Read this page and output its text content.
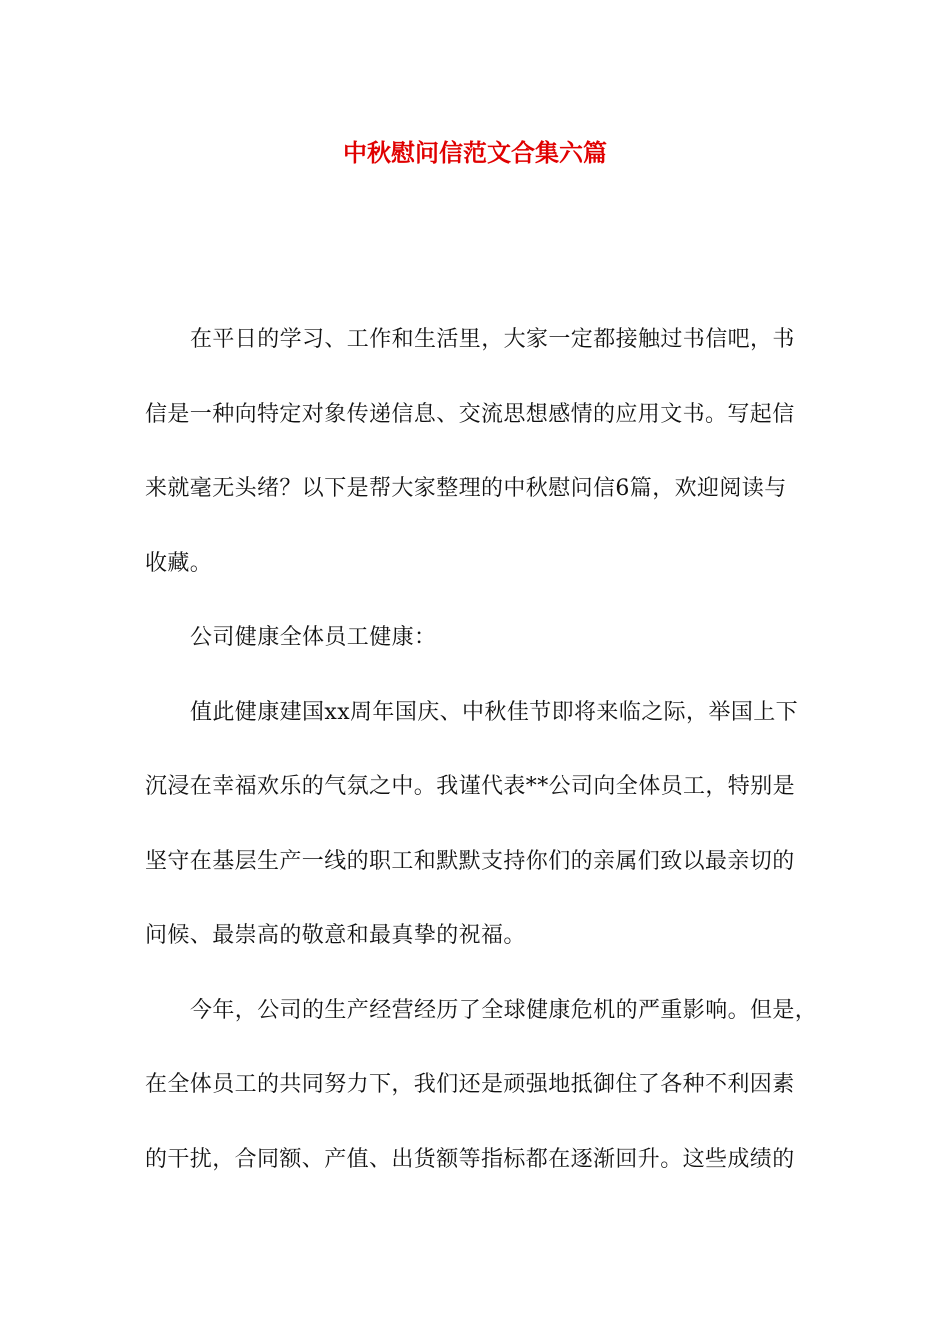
中秋慰问信范文合集六篇
在平日的学习、工作和生活里，大家一定都接触过书信吧，书
信是一种向特定对象传递信息、交流思想感情的应用文书。写起信
来就毫无头绪？以下是帮大家整理的中秋慰问信6篇，欢迎阅读与
收藏。
公司健康全体员工健康：
值此健康建国xx周年国庆、中秋佳节即将来临之际，举国上下
沉浸在幸福欢乐的气氛之中。我谨代表**公司向全体员工，特别是
坚守在基层生产一线的职工和默默支持你们的亲属们致以最亲切的
问候、最崇高的敬意和最真挚的祝福。
今年，公司的生产经营经历了全球健康危机的严重影响。但是，
在全体员工的共同努力下，我们还是顽强地抵御住了各种不利因素
的干扰，合同额、产值、出货额等指标都在逐渐回升。这些成绩的
